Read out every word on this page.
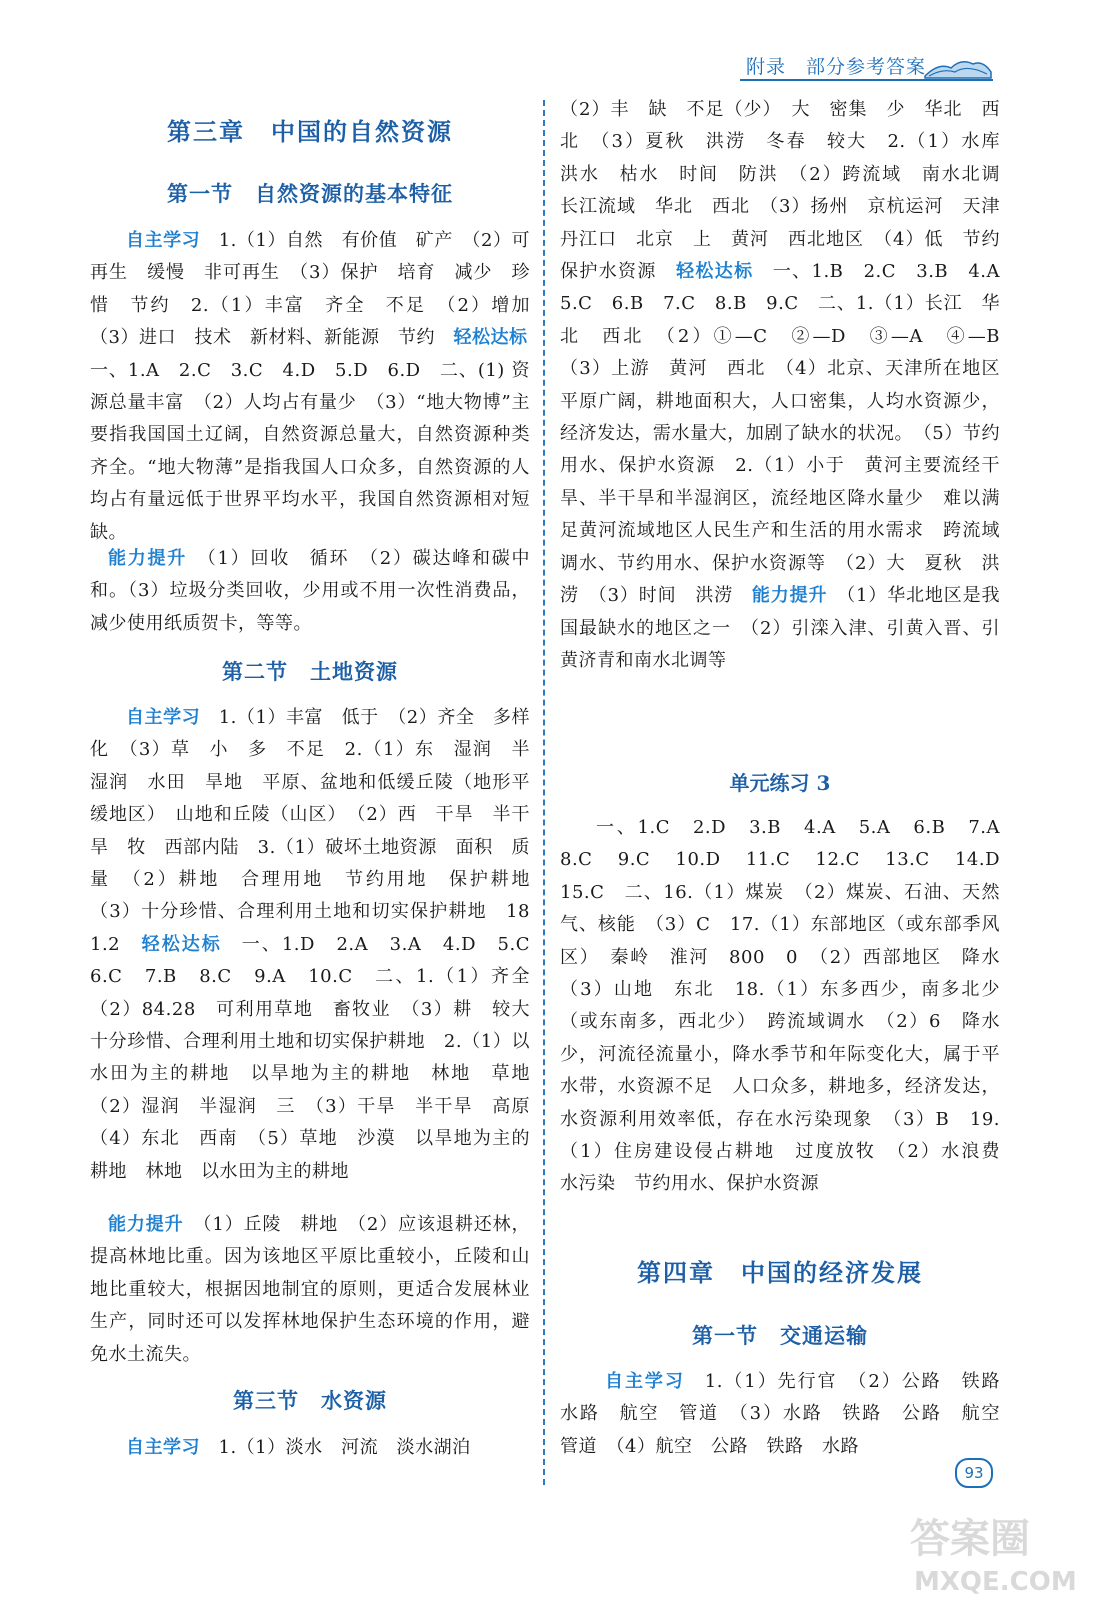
附录　部分参考答案
第三章　中国的自然资源
第一节　自然资源的基本特征
自主学习　1.（1）自然　有价值　矿产　（2）可再生　缓慢　非可再生　（3）保护　培育　减少　珍惜　节约　2.（1）丰富　齐全　不足　（2）增加　（3）进口　技术　新材料、新能源　节约　轻松达标　一、1.A　2.C　3.C　4.D　5.D　6.D　二、(1) 资源总量丰富　（2）人均占有量少　（3）“地大物博”主要指我国国土辽阔，自然资源总量大，自然资源种类齐全。“地大物薄”是指我国人口众多，自然资源的人均占有量远低于世界平均水平，我国自然资源相对短缺。
能力提升　（1）回收　循环　（2）碳达峰和碳中和。（3）垃圾分类回收，少用或不用一次性消费品，减少使用纸质贺卡，等等。
第二节　土地资源
自主学习　1.（1）丰富　低于　（2）齐全　多样化　（3）草　小　多　不足　2.（1）东　湿润　半湿润　水田　旱地　平原、盆地和低缓丘陵（地形平缓地区）　山地和丘陵（山区）　（2）西　干旱　半干旱　牧　西部内陆　3.（1）破坏土地资源　面积　质量　（2）耕地　合理用地　节约用地　保护耕地　（3）十分珍惜、合理利用土地和切实保护耕地　18　1.2　轻松达标　一、1.D　2.A　3.A　4.D　5.C　6.C　7.B　8.C　9.A　10.C　二、1.（1）齐全　（2）84.28　可利用草地　畜牧业　（3）耕　较大　十分珍惜、合理利用土地和切实保护耕地　2.（1）以水田为主的耕地　以旱地为主的耕地　林地　草地　（2）湿润　半湿润　三　（3）干旱　半干旱　高原　（4）东北　西南　（5）草地　沙漠　以旱地为主的耕地　林地　以水田为主的耕地
能力提升　（1）丘陵　耕地　（2）应该退耕还林，提高林地比重。因为该地区平原比重较小，丘陵和山地比重较大，根据因地制宜的原则，更适合发展林业生产，同时还可以发挥林地保护生态环境的作用，避免水土流失。
第三节　水资源
自主学习　1.（1）淡水　河流　淡水湖泊
（2）丰　缺　不足（少）　大　密集　少　华北　西北　（3）夏秋　洪涝　冬春　较大　2.（1）水库　洪水　枯水　时间　防洪　（2）跨流域　南水北调　长江流域　华北　西北　（3）扬州　京杭运河　天津　丹江口　北京　上　黄河　西北地区　（4）低　节约　保护水资源　轻松达标　一、1.B　2.C　3.B　4.A　5.C　6.B　7.C　8.B　9.C　二、1.（1）长江　华北　西北　（2）①—C　②—D　③—A　④—B　（3）上游　黄河　西北　（4）北京、天津所在地区平原广阔，耕地面积大，人口密集，人均水资源少，经济发达，需水量大，加剧了缺水的状况。　（5）节约用水、保护水资源　2.（1）小于　黄河主要流经干旱、半干旱和半湿润区，流经地区降水量少　难以满足黄河流域地区人民生产和生活的用水需求　跨流域调水、节约用水、保护水资源等　（2）大　夏秋　洪涝　（3）时间　洪涝　能力提升　（1）华北地区是我国最缺水的地区之一　（2）引滦入津、引黄入晋、引黄济青和南水北调等
单元练习 3
一、1.C　2.D　3.B　4.A　5.A　6.B　7.A　8.C　9.C　10.D　11.C　12.C　13.C　14.D　15.C　二、16.（1）煤炭　（2）煤炭、石油、天然气、核能　（3）C　17.（1）东部地区（或东部季风区）　秦岭　淮河　800　0　（2）西部地区　降水　（3）山地　东北　18.（1）东多西少，南多北少（或东南多，西北少）　跨流域调水　（2）6　降水少，河流径流量小，降水季节和年际变化大，属于平水带，水资源不足　人口众多，耕地多，经济发达，水资源利用效率低，存在水污染现象　（3）B　19.（1）住房建设侵占耕地　过度放牧　（2）水浪费　水污染　节约用水、保护水资源
第四章　中国的经济发展
第一节　交通运输
自主学习　1.（1）先行官　（2）公路　铁路　水路　航空　管道　（3）水路　铁路　公路　航空　管道　（4）航空　公路　铁路　水路
93
答案圈
MXQE.COM
